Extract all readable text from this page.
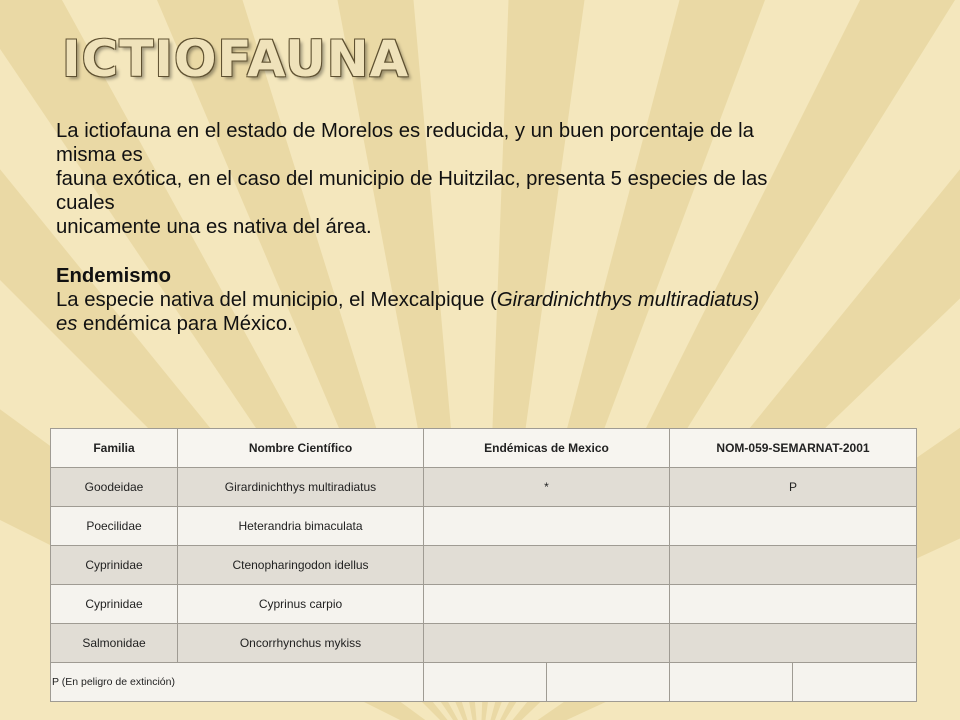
ICTIOFAUNA

La ictiofauna en el estado de Morelos es reducida, y un buen porcentaje de la

misma es

fauna exótica, en el caso del municipio de Huitzilac, presenta 5 especies de las

cuales

unicamente una es nativa del área.

Endemismo

La especie nativa del municipio, el Mexcalpique (Girardinichthys multiradiatus)

es endémica para México.

Familia	Nombre Científico	Endémicas de Mexico		NOM-059-SEMARNAT-2001	
Goodeidae	Girardinichthys multiradiatus	*		P	
Poecilidae	Heterandria bimaculata				
Cyprinidae	Ctenopharingodon idellus				
Cyprinidae	Cyprinus carpio				
Salmonidae	Oncorrhynchus mykiss				
P (En peligro de extinción)					
